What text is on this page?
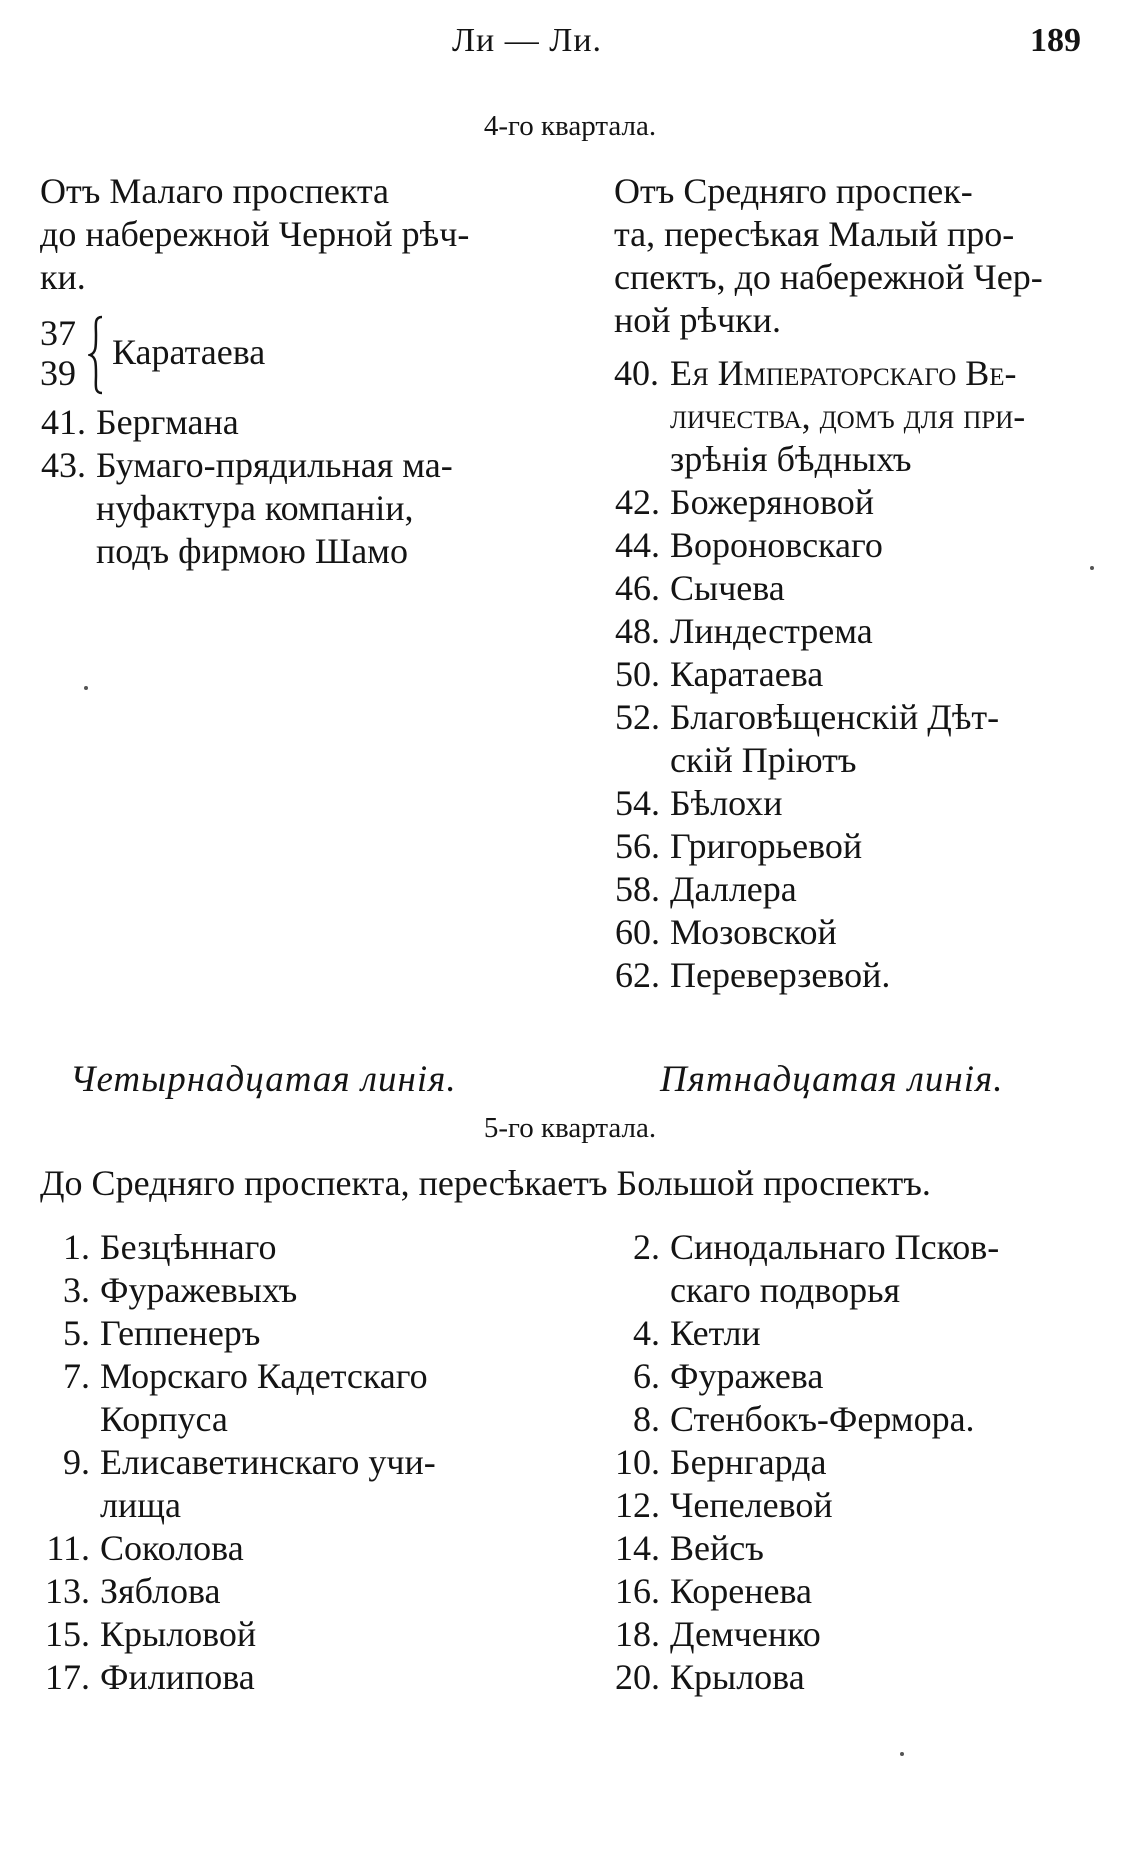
Ли — Ли.	189
4-го квартала.
Отъ Малаго проспекта
до набережной Черной рѣч-
ки.
37
39
Каратаева
41. Бергмана
43. Бумаго-прядильная ма-
нуфактура компаніи,
подъ фирмою Шамо
Отъ Средняго проспек-
та, пересѣкая Малый про-
спектъ, до набережной Чер-
ной рѣчки.
40. Ея Императорскаго Ве-
личества, домъ для при-
зрѣнія бѣдныхъ
42. Божеряновой
44. Вороновскаго
46. Сычева
48. Линдестрема
50. Каратаева
52. Благовѣщенскій Дѣт-
скій Пріютъ
54. Бѣлохи
56. Григорьевой
58. Даллера
60. Мозовской
62. Переверзевой.
Четырнадцатая линія.	Пятнадцатая линія.
5-го квартала.
До Средняго проспекта, пересѣкаетъ Большой проспектъ.
1. Безцѣннаго
3. Фуражевыхъ
5. Геппенеръ
7. Морскаго Кадетскаго
Корпуса
9. Елисаветинскаго учи-
лища
11. Соколова
13. Зяблова
15. Крыловой
17. Филипова
2. Синодальнаго Псков-
скаго подворья
4. Кетли
6. Фуражева
8. Стенбокъ-Фермора.
10. Бернгарда
12. Чепелевой
14. Вейсъ
16. Коренева
18. Демченко
20. Крылова
